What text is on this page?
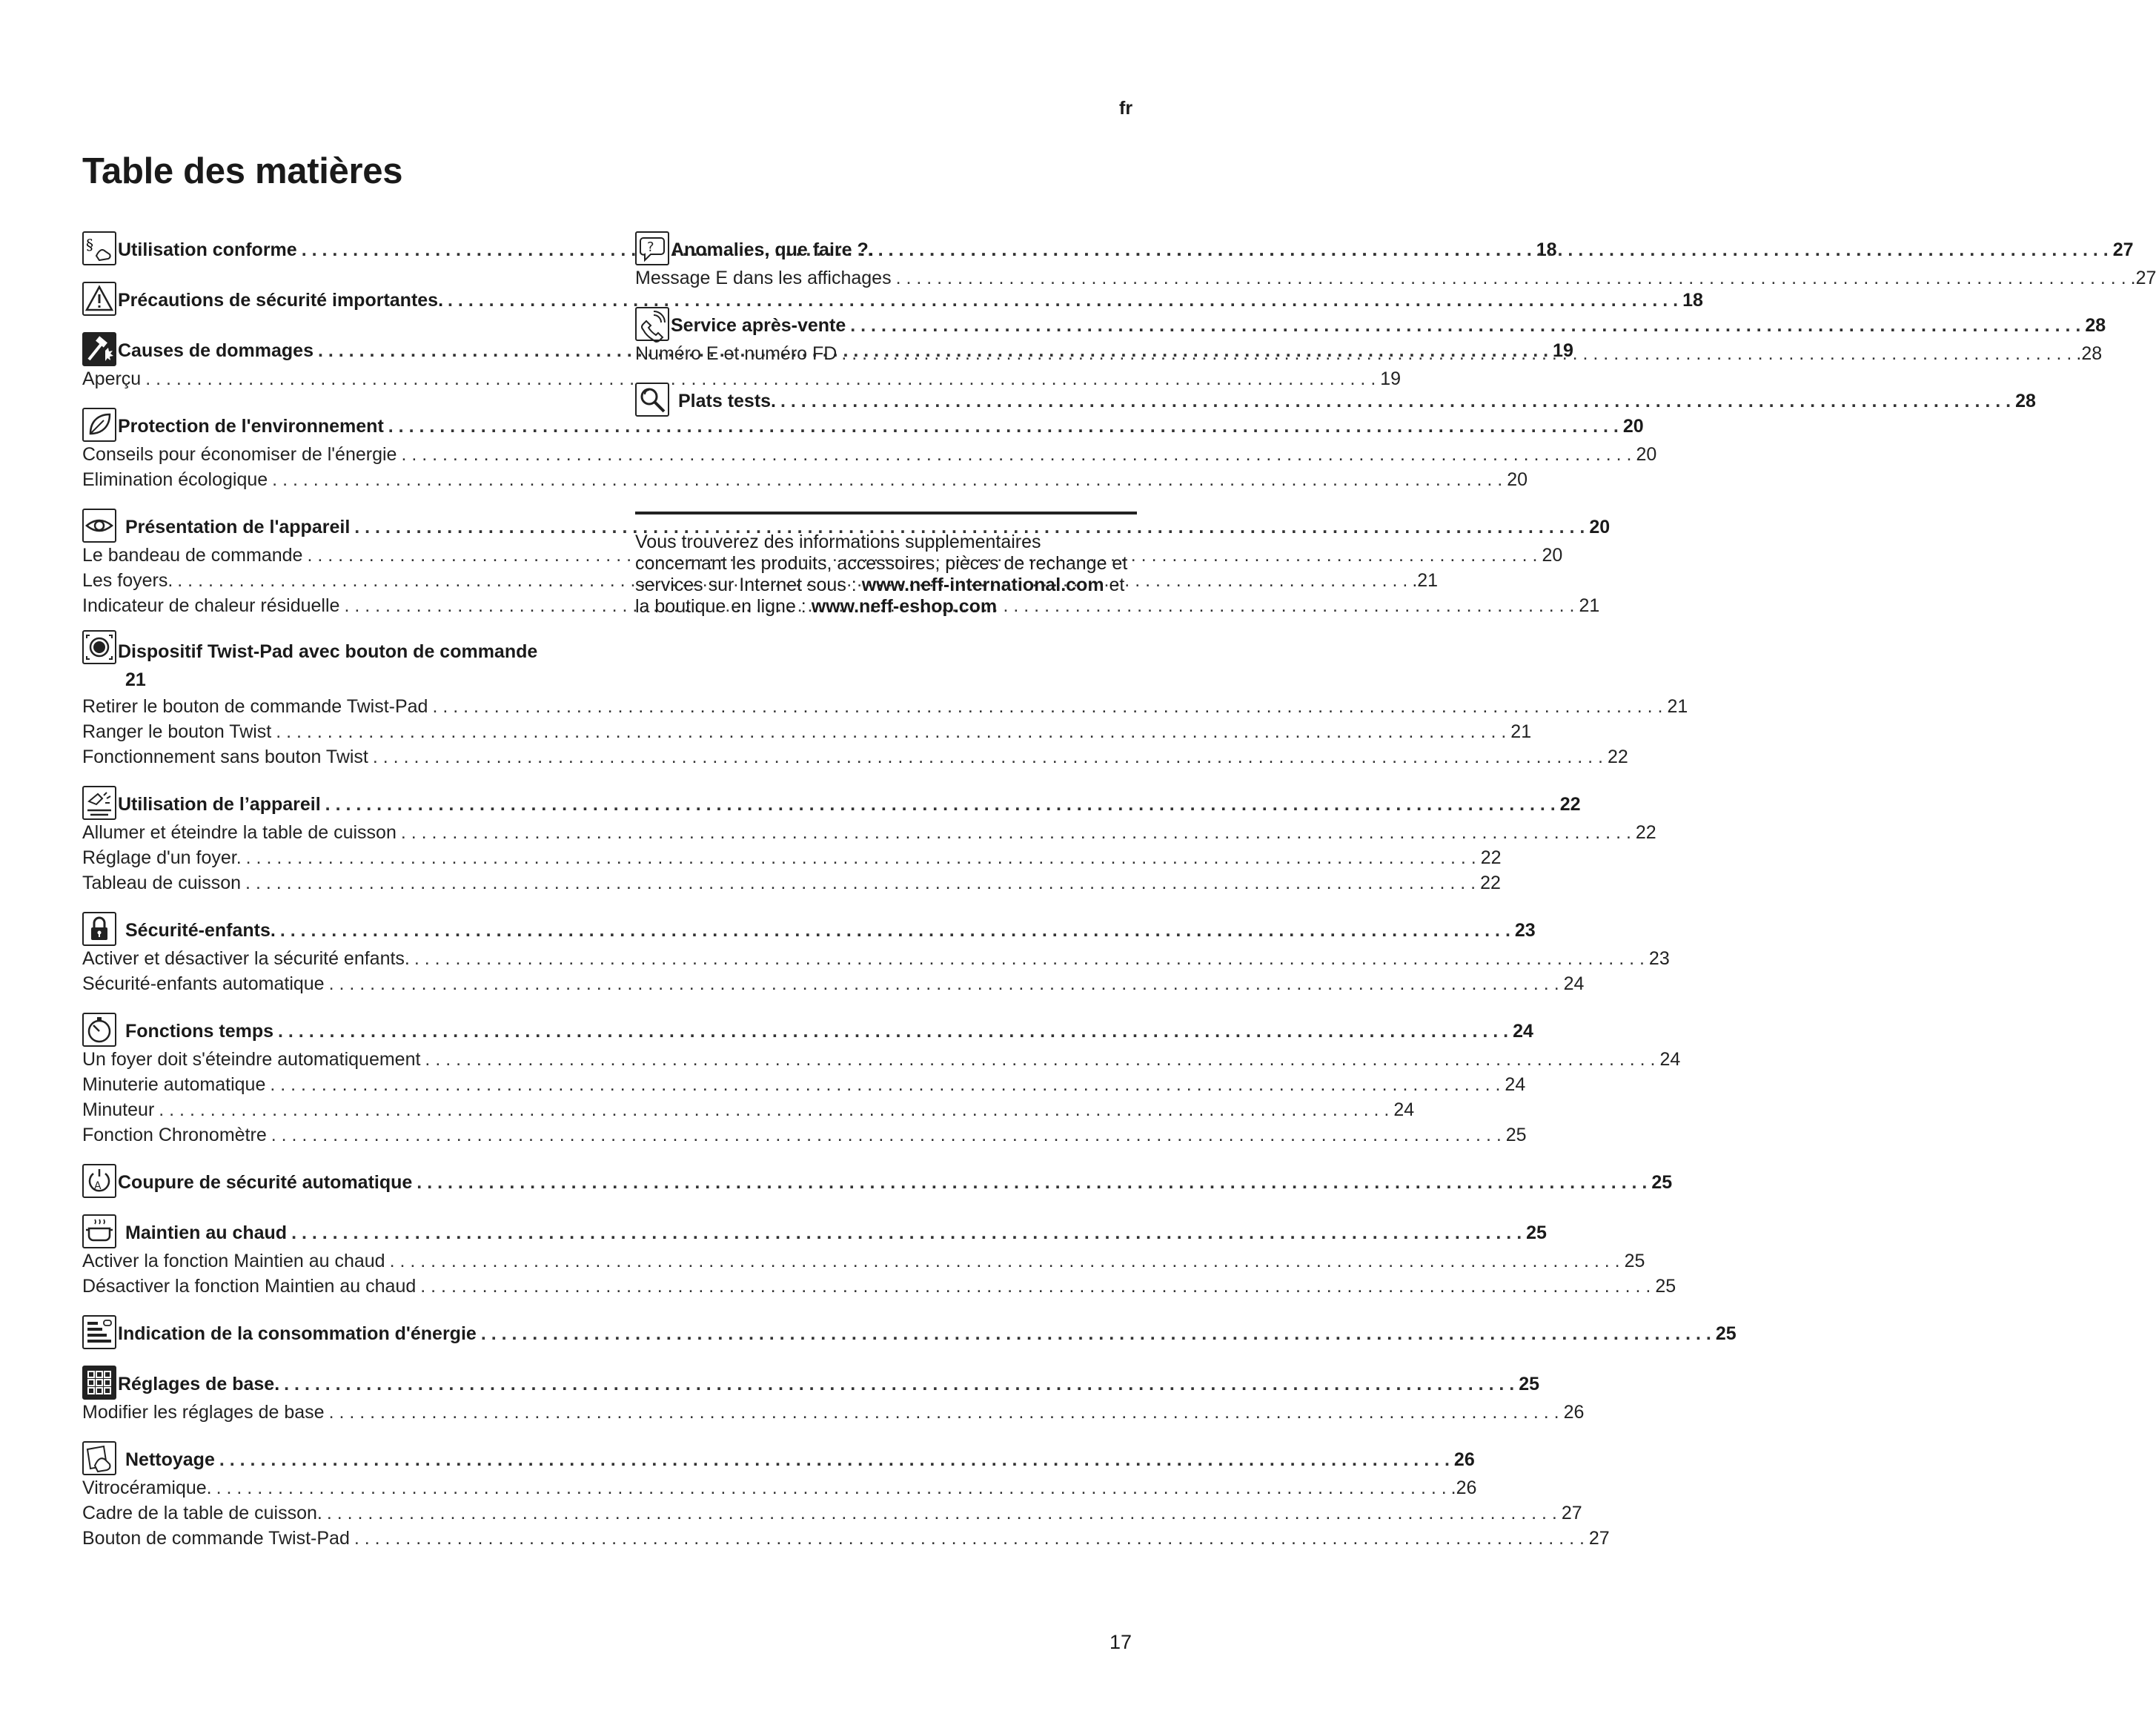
fr
Table des matières
§ Utilisation conforme . . .	18
Précautions de sécurité importantes. . . .	18
Causes de dommages . . .	19
Aperçu . . .	19
Protection de l'environnement . . .	20
Conseils pour économiser de l'énergie . . .	20
Elimination écologique . . .	20
Présentation de l'appareil . . .	20
Le bandeau de commande . . .	20
Les foyers. . . .	.21
Indicateur de chaleur résiduelle . . .	21
Dispositif Twist-Pad avec bouton de commande
21
Retirer le bouton de commande Twist-Pad . . .	21
Ranger le bouton Twist . . .	21
Fonctionnement sans bouton Twist . . .	22
Utilisation de l’appareil . . .	22
Allumer et éteindre la table de cuisson . . .	22
Réglage d'un foyer. . . .	22
Tableau de cuisson . . .	22
Sécurité-enfants. . . .	23
Activer et désactiver la sécurité enfants. . . .	23
Sécurité-enfants automatique . . .	24
Fonctions temps . . .	24
Un foyer doit s'éteindre automatiquement . . .	24
Minuterie automatique . . .	24
Minuteur . . .	24
Fonction Chronomètre . . .	25
A Coupure de sécurité automatique . . .	25
Maintien au chaud . . .	25
Activer la fonction Maintien au chaud . . .	25
Désactiver la fonction Maintien au chaud . . .	25
Indication de la consommation d'énergie . . .	25
Réglages de base. . . .	25
Modifier les réglages de base . . .	26
Nettoyage . . .	26
Vitrocéramique. . . .	.26
Cadre de la table de cuisson. . . .	27
Bouton de commande Twist-Pad . . .	27
? Anomalies, que faire ?. . . .	27
Message E dans les affichages . . .	.27
Service après-vente . . .	28
Numéro E et numéro FD . . .	.28
Plats tests. . . .	28
Vous trouverez des informations supplementaires concernant les produits, accessoires, pièces de rechange et services sur Internet sous : www.neff-international.com et la boutique en ligne : www.neff-eshop.com
17
